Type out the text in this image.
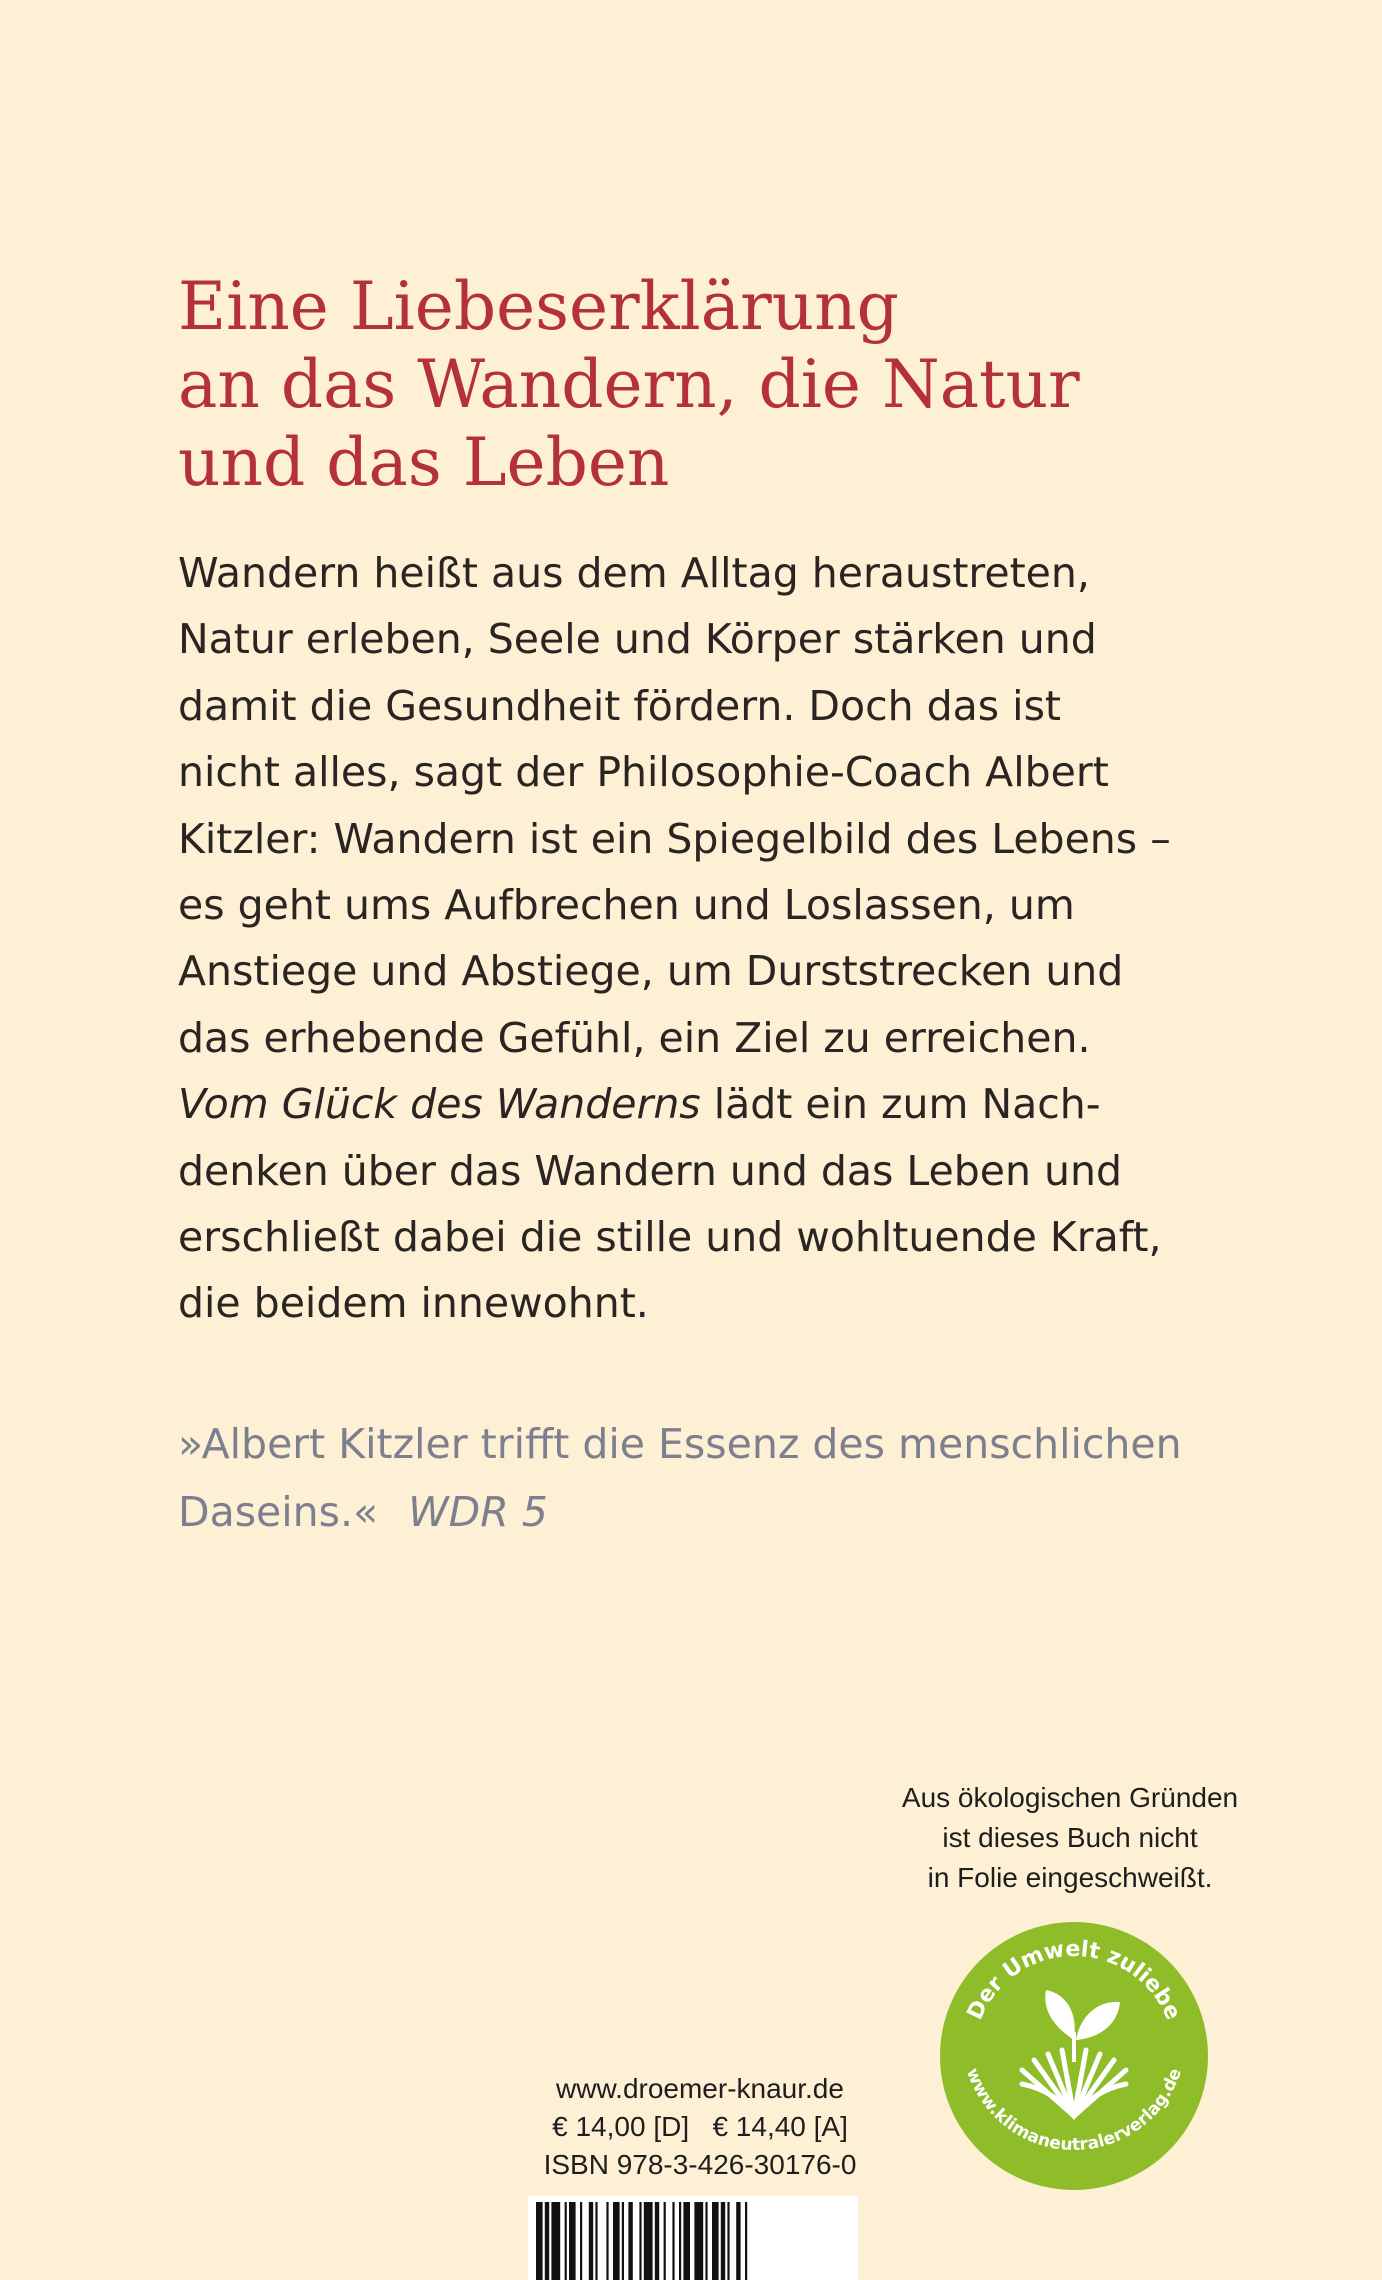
Eine Liebeserklärung
an das Wandern, die Natur
und das Leben
Wandern heißt aus dem Alltag heraustreten,
Natur erleben, Seele und Körper stärken und
damit die Gesundheit fördern. Doch das ist
nicht alles, sagt der Philosophie-Coach Albert
Kitzler: Wandern ist ein Spiegelbild des Lebens –
es geht ums Aufbrechen und Loslassen, um
Anstiege und Abstiege, um Durststrecken und
das erhebende Gefühl, ein Ziel zu erreichen.
Vom Glück des Wanderns lädt ein zum Nach-
denken über das Wandern und das Leben und
erschließt dabei die stille und wohltuende Kraft,
die beidem innewohnt.
»Albert Kitzler trifft die Essenz des menschlichen
Daseins.« WDR 5
Aus ökologischen Gründen
ist dieses Buch nicht
in Folie eingeschweißt.
Der Umwelt zuliebe
www.klimaneutralerverlag.de
www.droemer-knaur.de
€ 14,00 [D]   € 14,40 [A]
ISBN 978-3-426-30176-0
